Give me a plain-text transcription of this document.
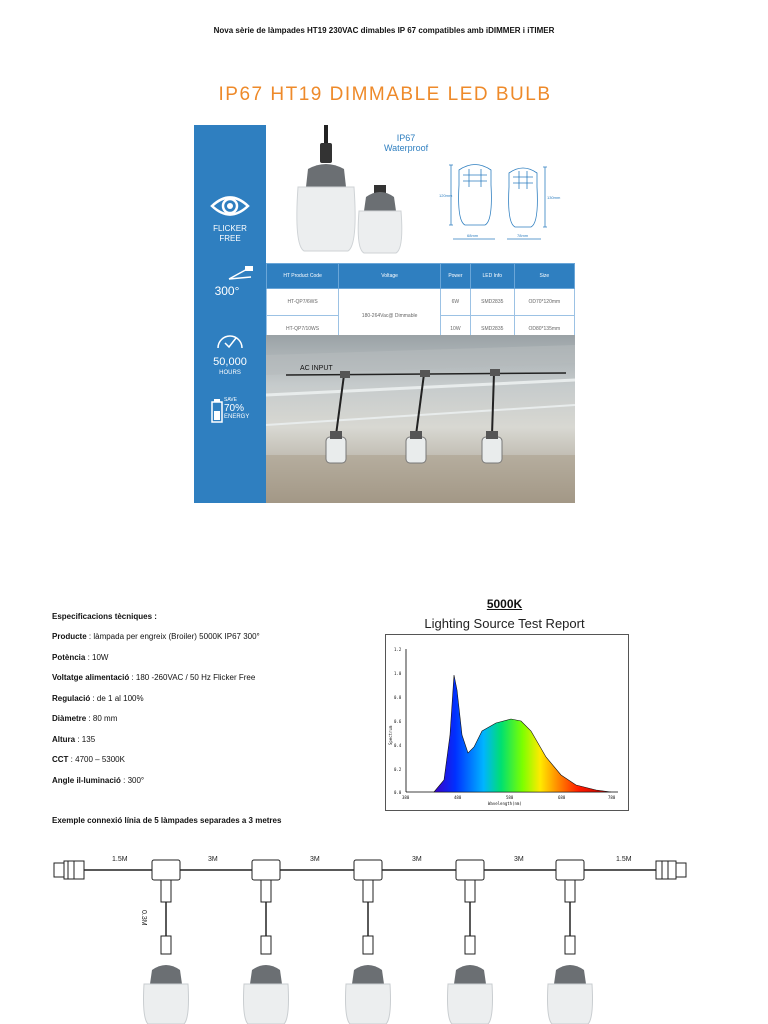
Nova sèrie de làmpades HT19 230VAC dimables IP 67 compatibles amb iDIMMER i iTIMER
IP67 HT19 DIMMABLE LED BULB
FLICKER FREE
300°
50,000
HOURS
SAVE
70%
ENERGY
IP67
Waterproof
120mm	130mm
68mm	78mm
HT Product Code	Voltage	Power	LED Info	Size
HT-QP7/6WS	180-264Vac@ Dimmable	6W	SMD2835	OD70*120mm
HT-QP7/10WS		10W	SMD2835	OD80*135mm
AC INPUT
Especificacions tècniques :
Producte : làmpada per engreix (Broiler) 5000K IP67 300°
Potència : 10W
Voltatge alimentació : 180 -260VAC / 50 Hz Flicker Free
Regulació : de 1 al 100%
Diàmetre : 80 mm
Altura : 135
CCT : 4700 – 5300K
Angle il-luminació : 300°
5000K
Lighting Source Test Report
1.2
1.0
0.8
0.6
0.4
0.2
0.0
380	480	580	680	780
Wavelength(nm)
Spectrum
Exemple connexió línia de 5 làmpades separades a 3 metres
1.5M	3M	3M	3M	3M	1.5M
0.3M
